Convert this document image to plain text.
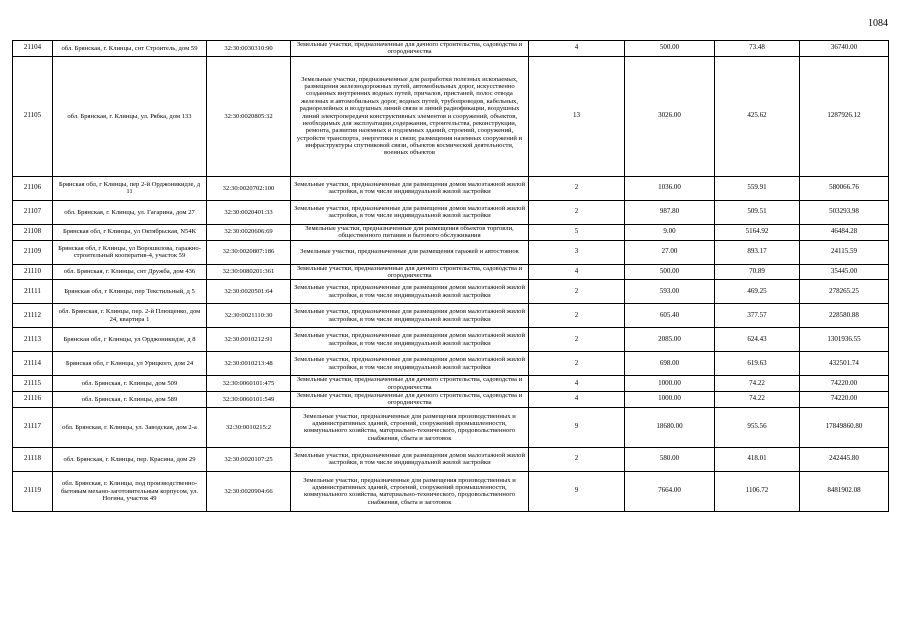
1084
21104	обл. Брянская, г. Клинцы, снт Строитель, дом 59	32:30:0030310:90	Земельные участки, предназначенные для дачного строительства, садоводства и огородничества	4	500.00	73.48	36740.00
21105	обл. Брянская, г. Клинцы, ул. Рябка, дом 133	32:30:0020805:32	Земельные участки, предназначенные для разработки полезных ископаемых, размещения железнодорожных путей, автомобильных дорог, искусственно созданных внутренних водных путей, причалов, пристаней, полос отвода железных и автомобильных дорог, водных путей, трубопроводов, кабельных, радиорелейных и воздушных линий связи и линий радиофикации, воздушных линий электропередачи конструктивных элементов и сооружений, объектов, необходимых для эксплуатации,содержания, строительства, реконструкции, ремонта, развития наземных и подземных зданий, строений, сооружений, устройств транспорта, энергетики и связи; размещения наземных сооружений и инфраструктуры спутниковой связи, объектов космической деятельности, военных объектов	13	3026.00	425.62	1287926.12
21106	Брянская обл, г Клинцы, пер 2-й Орджоникидзе, д 11	32:30:0020702:100	Земельные участки, предназначенные для размещения домов малоэтажной жилой застройки, в том числе индивидуальной жилой застройки	2	1036.00	559.91	580066.76
21107	обл. Брянская, г. Клинцы, ул. Гагарина, дом 27	32:30:0020401:33	Земельные участки, предназначенные для размещения домов малоэтажной жилой застройки, в том числе индивидуальной жилой застройки	2	987.80	509.51	503293.98
21108	Брянская обл, г Клинцы, ул Октябрьская, N54К	32:30:0020606:69	Земельные участки, предназначенные для размещения объектов торговли, общественного питания и бытового обслуживания	5	9.00	5164.92	46484.28
21109	Брянская обл, г Клинцы, ул Ворошилова, гаражно-строительный кооператив-4, участок 59	32:30:0020807:186	Земельные участки, предназначенные для размещения гаражей и автостоянок	3	27.00	893.17	24115.59
21110	обл. Брянская, г. Клинцы, снт Дружба, дом 436	32:30:0080201:361	Земельные участки, предназначенные для дачного строительства, садоводства и огородничества	4	500.00	70.89	35445.00
21111	Брянская обл, г Клинцы, пер Текстильный, д 5	32:30:0020501:64	Земельные участки, предназначенные для размещения домов малоэтажной жилой застройки, в том числе индивидуальной жилой застройки	2	593.00	469.25	278265.25
21112	обл. Брянская, г. Клинцы, пер. 2-й Плющенко, дом 24, квартира 1	32:30:0021110:30	Земельные участки, предназначенные для размещения домов малоэтажной жилой застройки, в том числе индивидуальной жилой застройки	2	605.40	377.57	228580.88
21113	Брянская обл, г Клинцы, ул Орджоникидзе, д 8	32:30:0010212:91	Земельные участки, предназначенные для размещения домов малоэтажной жилой застройки, в том числе индивидуальной жилой застройки	2	2085.00	624.43	1301936.55
21114	Брянская обл, г Клинцы, ул Урицкого, дом 24	32:30:0010213:48	Земельные участки, предназначенные для размещения домов малоэтажной жилой застройки, в том числе индивидуальной жилой застройки	2	698.00	619.63	432501.74
21115	обл. Брянская, г. Клинцы, дом 509	32:30:0060101:475	Земельные участки, предназначенные для дачного строительства, садоводства и огородничества	4	1000.00	74.22	74220.00
21116	обл. Брянская, г. Клинцы, дом 589	32:30:0060101:549	Земельные участки, предназначенные для дачного строительства, садоводства и огородничества	4	1000.00	74.22	74220.00
21117	обл. Брянская, г. Клинцы, ул. Заводская, дом 2-а	32:30:0010215:2	Земельные участки, предназначенные для размещения производственных и административных зданий, строений, сооружений промышленности, коммунального хозяйства, материально-технического, продовольственного снабжения, сбыта и заготовок	9	18680.00	955.56	17849860.80
21118	обл. Брянская, г. Клинцы, пер. Красина, дом 29	32:30:0020107:25	Земельные участки, предназначенные для размещения домов малоэтажной жилой застройки, в том числе индивидуальной жилой застройки	2	580.00	418.01	242445.80
21119	обл. Брянская, г. Клинцы, под производственно-бытовым механо-заготовительным корпусом, ул. Ногина, участок 49	32:30:0020904:66	Земельные участки, предназначенные для размещения производственных и административных зданий, строений, сооружений промышленности, коммунального хозяйства, материально-технического, продовольственного снабжения, сбыта и заготовок	9	7664.00	1106.72	8481902.08
